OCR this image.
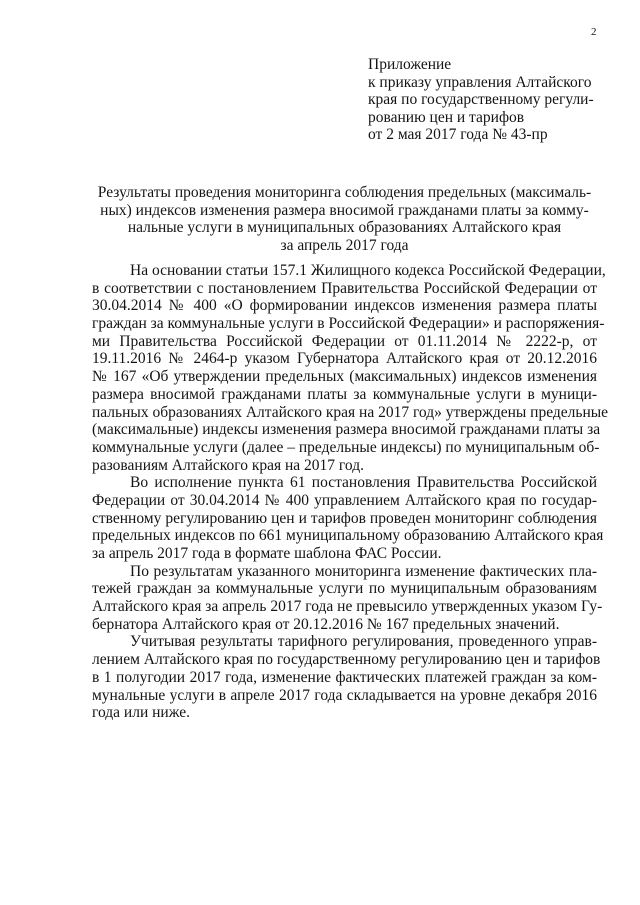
2
Приложение
к приказу управления Алтайского
края по государственному регули-
рованию цен и тарифов
от 2 мая 2017 года № 43-пр
Результаты проведения мониторинга соблюдения предельных (максималь-
ных) индексов изменения размера вносимой гражданами платы за комму-
нальные услуги в муниципальных образованиях Алтайского края
за апрель 2017 года
На основании статьи 157.1 Жилищного кодекса Российской Федерации,
в соответствии с постановлением Правительства Российской Федерации от
30.04.2014 № 400 «О формировании индексов изменения размера платы
граждан за коммунальные услуги в Российской Федерации» и распоряжения-
ми Правительства Российской Федерации от 01.11.2014 № 2222-р, от
19.11.2016 № 2464-р указом Губернатора Алтайского края от 20.12.2016
№ 167 «Об утверждении предельных (максимальных) индексов изменения
размера вносимой гражданами платы за коммунальные услуги в муници-
пальных образованиях Алтайского края на 2017 год» утверждены предельные
(максимальные) индексы изменения размера вносимой гражданами платы за
коммунальные услуги (далее – предельные индексы) по муниципальным об-
разованиям Алтайского края на 2017 год.
Во исполнение пункта 61 постановления Правительства Российской
Федерации от 30.04.2014 № 400 управлением Алтайского края по государ-
ственному регулированию цен и тарифов проведен мониторинг соблюдения
предельных индексов по 661 муниципальному образованию Алтайского края
за апрель 2017 года в формате шаблона ФАС России.
По результатам указанного мониторинга изменение фактических пла-
тежей граждан за коммунальные услуги по муниципальным образованиям
Алтайского края за апрель 2017 года не превысило утвержденных указом Гу-
бернатора Алтайского края от 20.12.2016 № 167 предельных значений.
Учитывая результаты тарифного регулирования, проведенного управ-
лением Алтайского края по государственному регулированию цен и тарифов
в 1 полугодии 2017 года, изменение фактических платежей граждан за ком-
мунальные услуги в апреле 2017 года складывается на уровне декабря 2016
года или ниже.
